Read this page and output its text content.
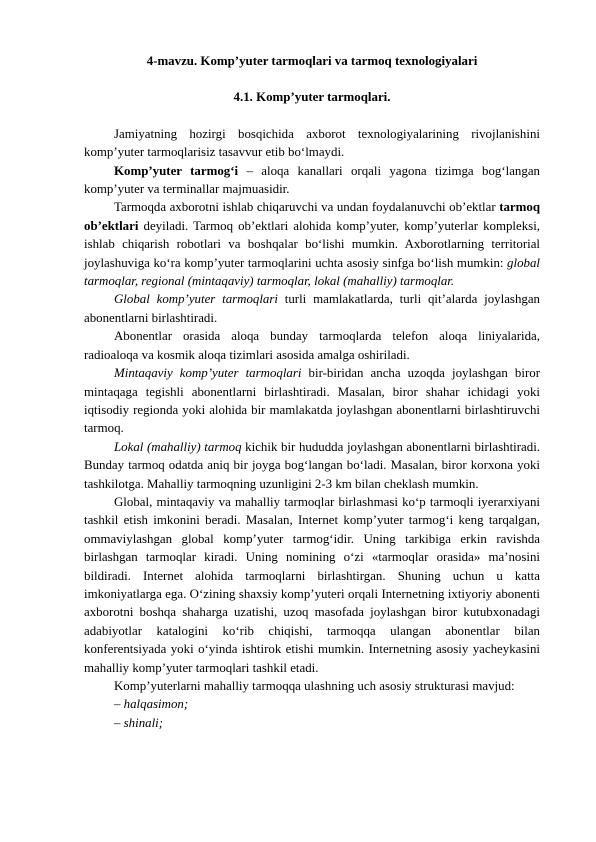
4-mavzu. Komp’yuter tarmoqlari va tarmoq texnologiyalari

4.1. Komp’yuter tarmoqlari.

Jamiyatning hozirgi bosqichida axborot texnologiyalarining rivojlanishini komp’yuter tarmoqlarisiz tasavvur etib bo‘lmaydi.

Komp’yuter tarmog‘i – aloqa kanallari orqali yagona tizimga bog‘langan komp’yuter va terminallar majmuasidir.

Tarmoqda axborotni ishlab chiqaruvchi va undan foydalanuvchi ob’ektlar tarmoq ob’ektlari deyiladi. Tarmoq ob’ektlari alohida komp’yuter, komp’yuterlar kompleksi, ishlab chiqarish robotlari va boshqalar bo‘lishi mumkin. Axborotlarning territorial joylashuviga ko‘ra komp’yuter tarmoqlarini uchta asosiy sinfga bo‘lish mumkin: global tarmoqlar, regional (mintaqaviy) tarmoqlar, lokal (mahalliy) tarmoqlar.

Global komp’yuter tarmoqlari turli mamlakatlarda, turli qit’alarda joylashgan abonentlarni birlashtiradi.

Abonentlar orasida aloqa bunday tarmoqlarda telefon aloqa liniyalarida, radioaloqa va kosmik aloqa tizimlari asosida amalga oshiriladi.

Mintaqaviy komp’yuter tarmoqlari bir-biridan ancha uzoqda joylashgan biror mintaqaga tegishli abonentlarni birlashtiradi. Masalan, biror shahar ichidagi yoki iqtisodiy regionda yoki alohida bir mamlakatda joylashgan abonentlarni birlashtiruvchi tarmoq.

Lokal (mahalliy) tarmoq kichik bir hududda joylashgan abonentlarni birlashtiradi. Bunday tarmoq odatda aniq bir joyga bog‘langan bo‘ladi. Masalan, biror korxona yoki tashkilotga. Mahalliy tarmoqning uzunligini 2-3 km bilan cheklash mumkin.

Global, mintaqaviy va mahalliy tarmoqlar birlashmasi ko‘p tarmoqli iyerarxiyani tashkil etish imkonini beradi. Masalan, Internet komp’yuter tarmog‘i keng tarqalgan, ommaviylashgan global komp’yuter tarmog‘idir. Uning tarkibiga erkin ravishda birlashgan tarmoqlar kiradi. Uning nomining o‘zi «tarmoqlar orasida» ma’nosini bildiradi. Internet alohida tarmoqlarni birlashtirgan. Shuning uchun u katta imkoniyatlarga ega. O‘zining shaxsiy komp’yuteri orqali Internetning ixtiyoriy abonenti axborotni boshqa shaharga uzatishi, uzoq masofada joylashgan biror kutubxonadagi adabiyotlar katalogini ko‘rib chiqishi, tarmoqqa ulangan abonentlar bilan konferentsiyada yoki o‘yinda ishtirok etishi mumkin. Internetning asosiy yacheykasini mahalliy komp’yuter tarmoqlari tashkil etadi.

Komp’yuterlarni mahalliy tarmoqqa ulashning uch asosiy strukturasi mavjud:

– halqasimon;

– shinali;
